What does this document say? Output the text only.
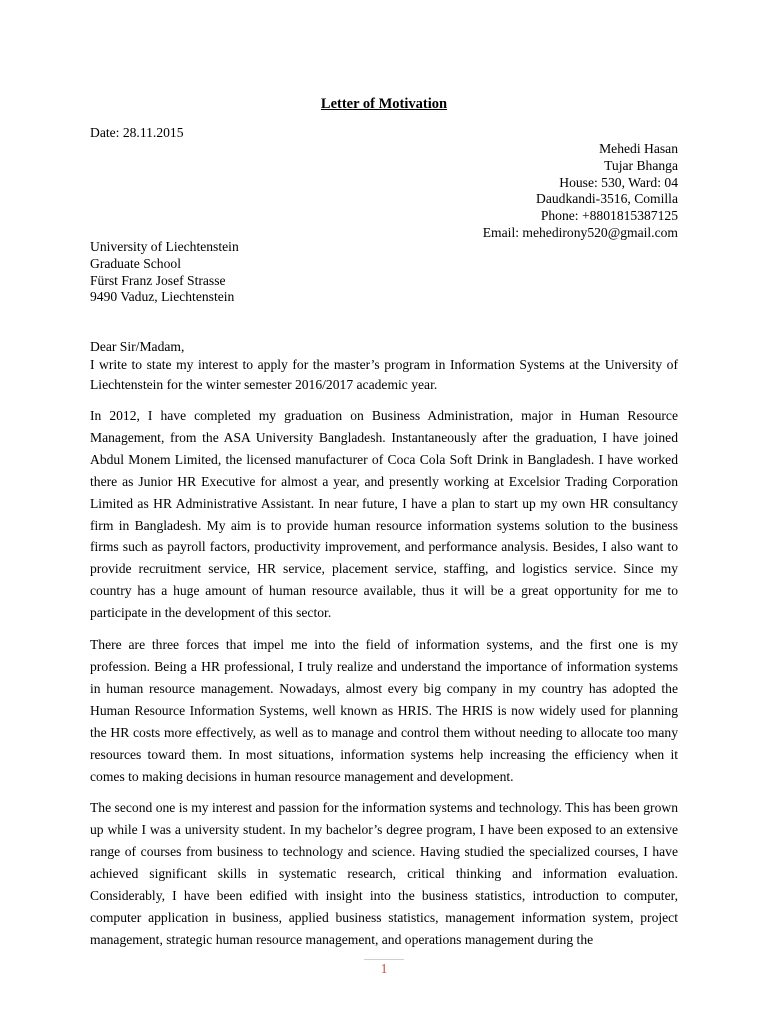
Letter of Motivation
Date: 28.11.2015
Mehedi Hasan
Tujar Bhanga
House: 530, Ward: 04
Daudkandi-3516, Comilla
Phone: +8801815387125
Email: mehedirony520@gmail.com
University of Liechtenstein
Graduate School
Fürst Franz Josef Strasse
9490 Vaduz, Liechtenstein
Dear Sir/Madam,

I write to state my interest to apply for the master’s program in Information Systems at the University of Liechtenstein for the winter semester 2016/2017 academic year.

In 2012, I have completed my graduation on Business Administration, major in Human Resource Management, from the ASA University Bangladesh. Instantaneously after the graduation, I have joined Abdul Monem Limited, the licensed manufacturer of Coca Cola Soft Drink in Bangladesh. I have worked there as Junior HR Executive for almost a year, and presently working at Excelsior Trading Corporation Limited as HR Administrative Assistant. In near future, I have a plan to start up my own HR consultancy firm in Bangladesh. My aim is to provide human resource information systems solution to the business firms such as payroll factors, productivity improvement, and performance analysis. Besides, I also want to provide recruitment service, HR service, placement service, staffing, and logistics service. Since my country has a huge amount of human resource available, thus it will be a great opportunity for me to participate in the development of this sector.

There are three forces that impel me into the field of information systems, and the first one is my profession. Being a HR professional, I truly realize and understand the importance of information systems in human resource management. Nowadays, almost every big company in my country has adopted the Human Resource Information Systems, well known as HRIS. The HRIS is now widely used for planning the HR costs more effectively, as well as to manage and control them without needing to allocate too many resources toward them. In most situations, information systems help increasing the efficiency when it comes to making decisions in human resource management and development.

The second one is my interest and passion for the information systems and technology. This has been grown up while I was a university student. In my bachelor’s degree program, I have been exposed to an extensive range of courses from business to technology and science. Having studied the specialized courses, I have achieved significant skills in systematic research, critical thinking and information evaluation. Considerably, I have been edified with insight into the business statistics, introduction to computer, computer application in business, applied business statistics, management information system, project management, strategic human resource management, and operations management during the

1
